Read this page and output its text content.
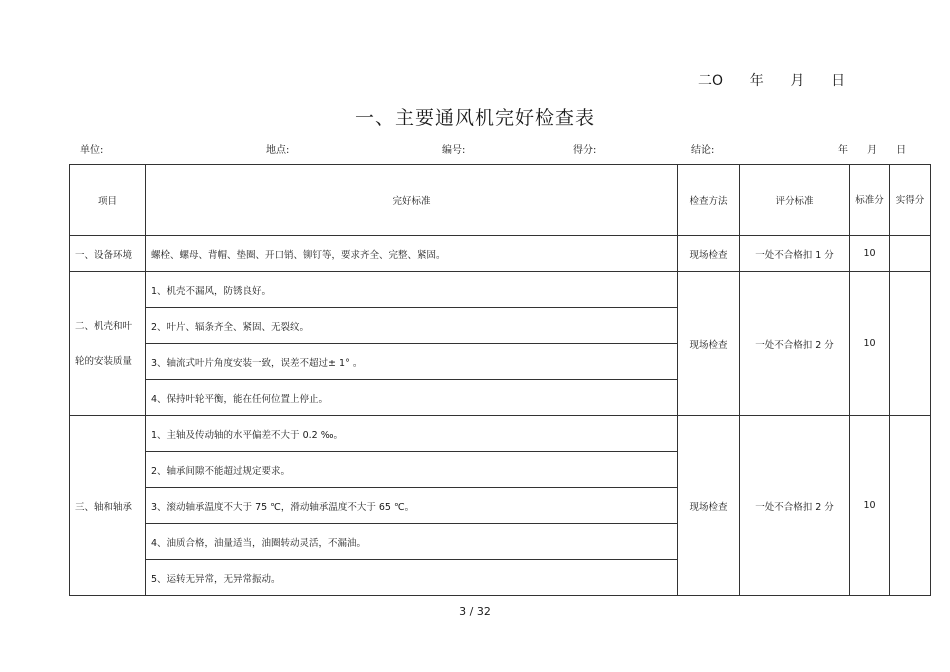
二О      年      月      日
一、主要通风机完好检查表
单位:	地点:	编号:	得分:	结论:	年      月      日
项目	完好标准	检查方法	评分标准	标准分	实得分
一、设备环境	螺栓、螺母、背帽、垫圈、开口销、铆钉等，要求齐全、完整、紧固。	现场检查	一处不合格扣 1 分	10	
二、机壳和叶轮的安装质量	1、机壳不漏风，防锈良好。	现场检查	一处不合格扣 2 分	10	
	2、叶片、辐条齐全、紧固、无裂纹。				
	3、轴流式叶片角度安装一致，误差不超过± 1° 。				
	4、保持叶轮平衡，能在任何位置上停止。				
三、轴和轴承	1、主轴及传动轴的水平偏差不大于 0.2 ‰。	现场检查	一处不合格扣 2 分	10	
	2、轴承间隙不能超过规定要求。				
	3、滚动轴承温度不大于 75 ℃，滑动轴承温度不大于 65 ℃。				
	4、油质合格，油量适当，油圈转动灵活，不漏油。				
	5、运转无异常，无异常振动。				
3 / 32
